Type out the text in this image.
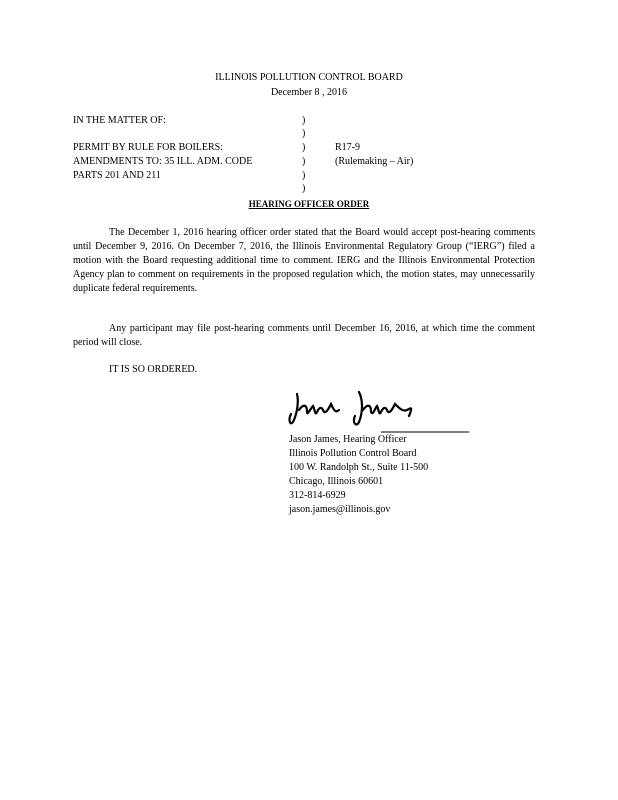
ILLINOIS POLLUTION CONTROL BOARD
December 8 , 2016
IN THE MATTER OF:
PERMIT BY RULE FOR BOILERS:
AMENDMENTS TO: 35 ILL. ADM. CODE
PARTS 201 AND 211
)
)
)
)
)
)
R17-9
(Rulemaking – Air)
HEARING OFFICER ORDER
The December 1, 2016 hearing officer order stated that the Board would accept post-hearing comments until December 9, 2016. On December 7, 2016, the Illinois Environmental Regulatory Group (“IERG”) filed a motion with the Board requesting additional time to comment. IERG and the Illinois Environmental Protection Agency plan to comment on requirements in the proposed regulation which, the motion states, may unnecessarily duplicate federal requirements.
Any participant may file post-hearing comments until December 16, 2016, at which time the comment period will close.
IT IS SO ORDERED.
Jason James, Hearing Officer
Illinois Pollution Control Board
100 W. Randolph St., Suite 11-500
Chicago, Illinois 60601
312-814-6929
jason.james@illinois.gov
